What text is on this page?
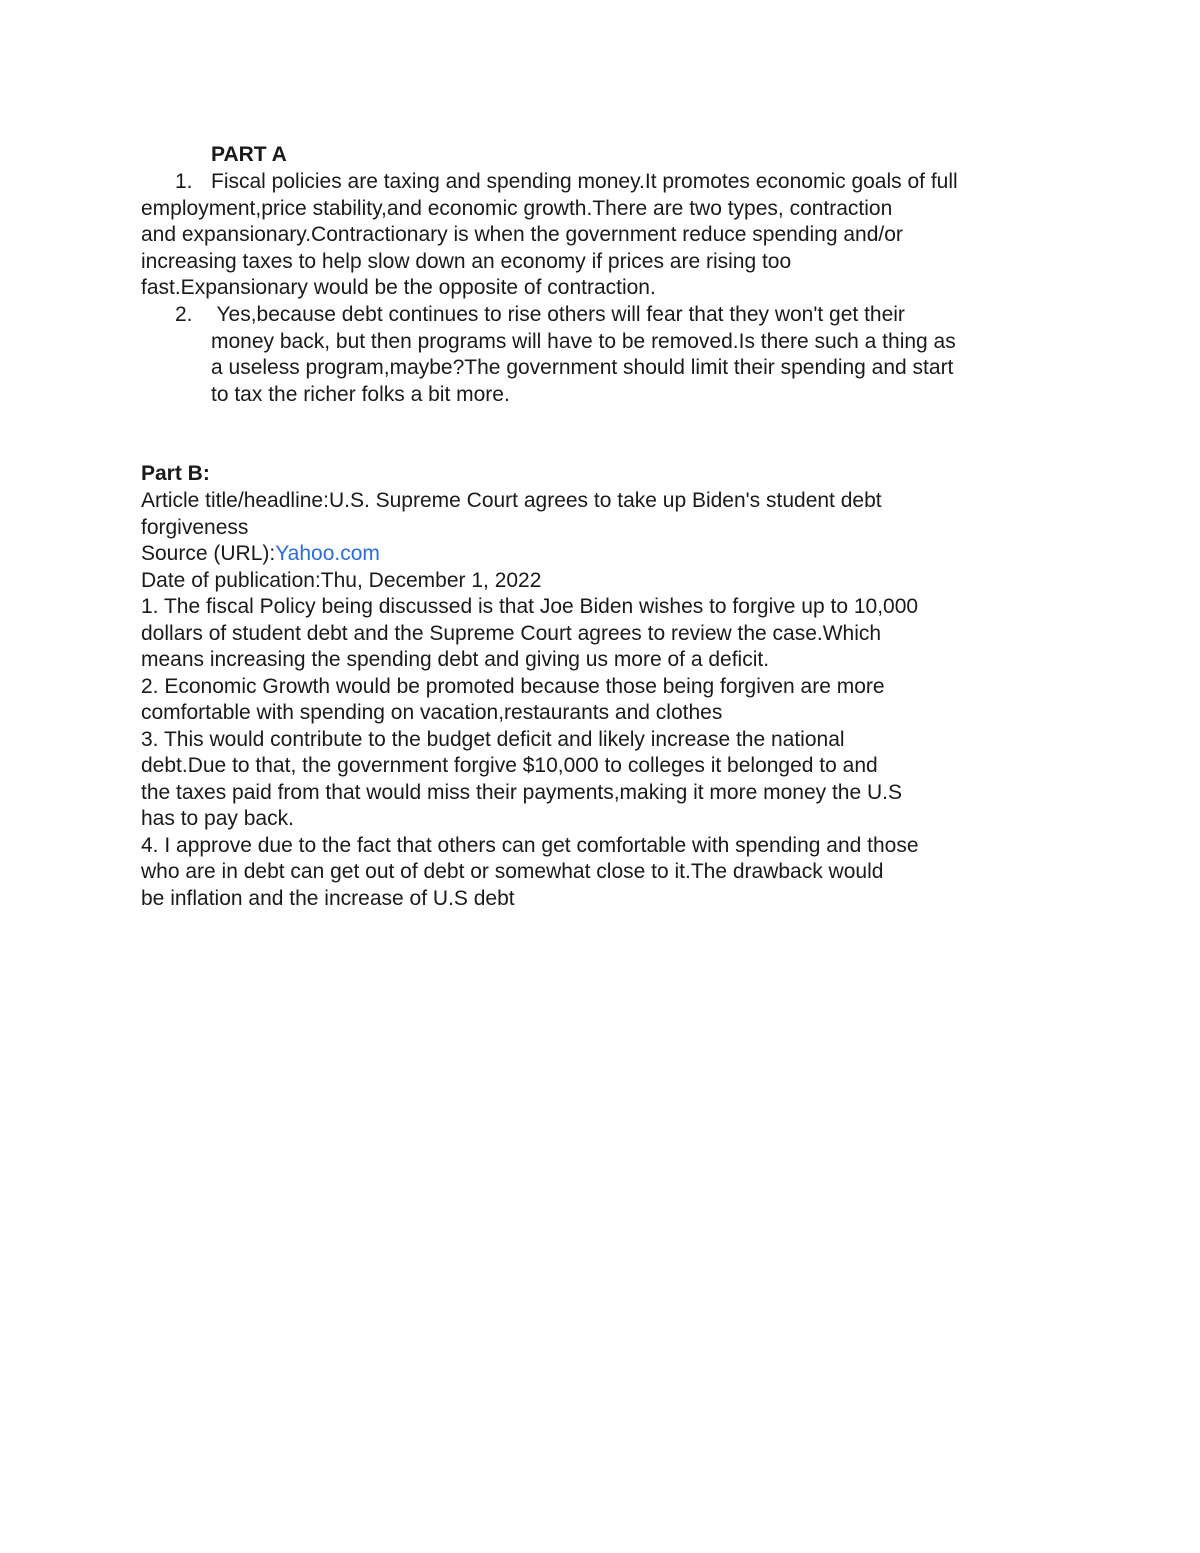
PART A
1. Fiscal policies are taxing and spending money.It promotes economic goals of full
employment,price stability,and economic growth.There are two types, contraction
and expansionary.Contractionary is when the government reduce spending and/or
increasing taxes to help slow down an economy if prices are rising too
fast.Expansionary would be the opposite of contraction.
2. Yes,because debt continues to rise others will fear that they won't get their
money back, but then programs will have to be removed.Is there such a thing as
a useless program,maybe?The government should limit their spending and start
to tax the richer folks a bit more.
Part B:
Article title/headline:U.S. Supreme Court agrees to take up Biden's student debt
forgiveness
Source (URL):Yahoo.com
Date of publication:Thu, December 1, 2022
1. The fiscal Policy being discussed is that Joe Biden wishes to forgive up to 10,000
dollars of student debt and the Supreme Court agrees to review the case.Which
means increasing the spending debt and giving us more of a deficit.
2. Economic Growth would be promoted because those being forgiven are more
comfortable with spending on vacation,restaurants and clothes
3. This would contribute to the budget deficit and likely increase the national
debt.Due to that, the government forgive $10,000 to colleges it belonged to and
the taxes paid from that would miss their payments,making it more money the U.S
has to pay back.
4. I approve due to the fact that others can get comfortable with spending and those
who are in debt can get out of debt or somewhat close to it.The drawback would
be inflation and the increase of U.S debt
